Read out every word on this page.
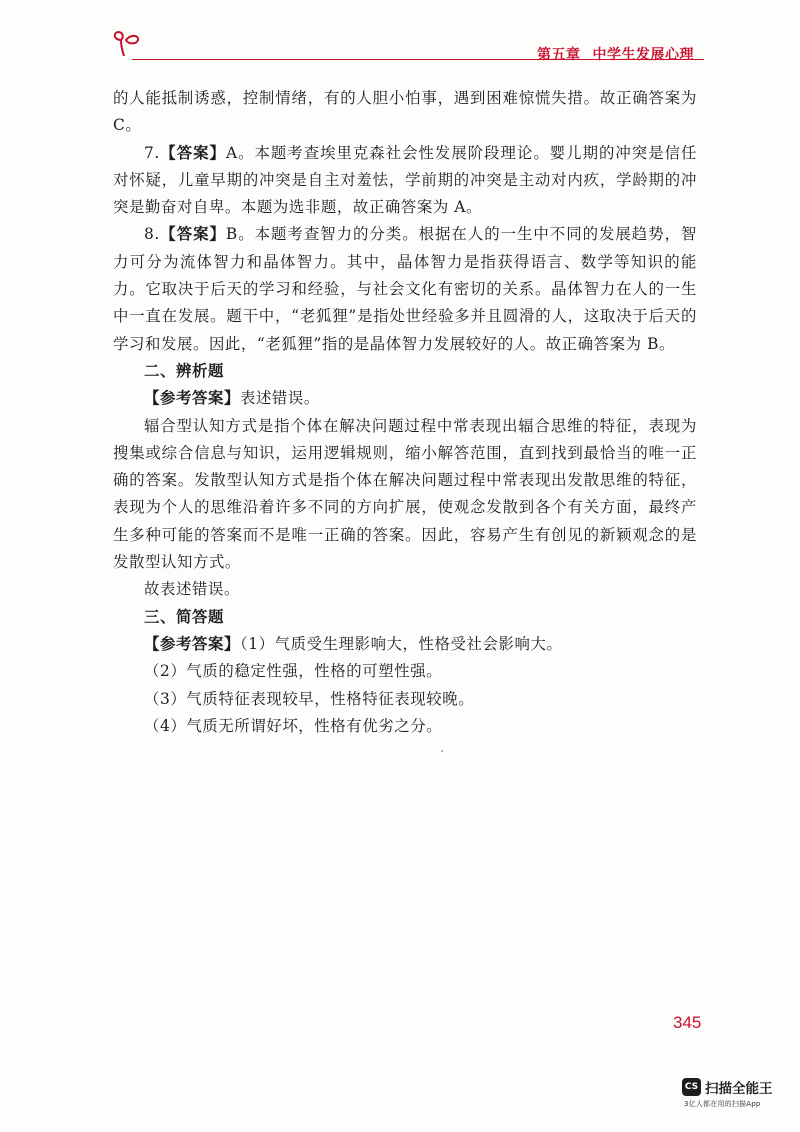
第五章 中学生发展心理

的人能抵制诱惑，控制情绪，有的人胆小怕事，遇到困难惊慌失措。故正确答案为 C。

7.【答案】A。本题考查埃里克森社会性发展阶段理论。婴儿期的冲突是信任对怀疑，儿童早期的冲突是自主对羞怯，学前期的冲突是主动对内疚，学龄期的冲突是勤奋对自卑。本题为选非题，故正确答案为 A。

8.【答案】B。本题考查智力的分类。根据在人的一生中不同的发展趋势，智力可分为流体智力和晶体智力。其中，晶体智力是指获得语言、数学等知识的能力。它取决于后天的学习和经验，与社会文化有密切的关系。晶体智力在人的一生中一直在发展。题干中，“老狐狸”是指处世经验多并且圆滑的人，这取决于后天的学习和发展。因此，“老狐狸”指的是晶体智力发展较好的人。故正确答案为 B。

二、辨析题

【参考答案】表述错误。

辐合型认知方式是指个体在解决问题过程中常表现出辐合思维的特征，表现为搜集或综合信息与知识，运用逻辑规则，缩小解答范围，直到找到最恰当的唯一正确的答案。发散型认知方式是指个体在解决问题过程中常表现出发散思维的特征，表现为个人的思维沿着许多不同的方向扩展，使观念发散到各个有关方面，最终产生多种可能的答案而不是唯一正确的答案。因此，容易产生有创见的新颖观念的是发散型认知方式。

故表述错误。

三、简答题

【参考答案】（1）气质受生理影响大，性格受社会影响大。

（2）气质的稳定性强，性格的可塑性强。

（3）气质特征表现较早，性格特征表现较晚。

（4）气质无所谓好坏，性格有优劣之分。

345
CS 扫描全能王
3亿人都在用的扫描App
